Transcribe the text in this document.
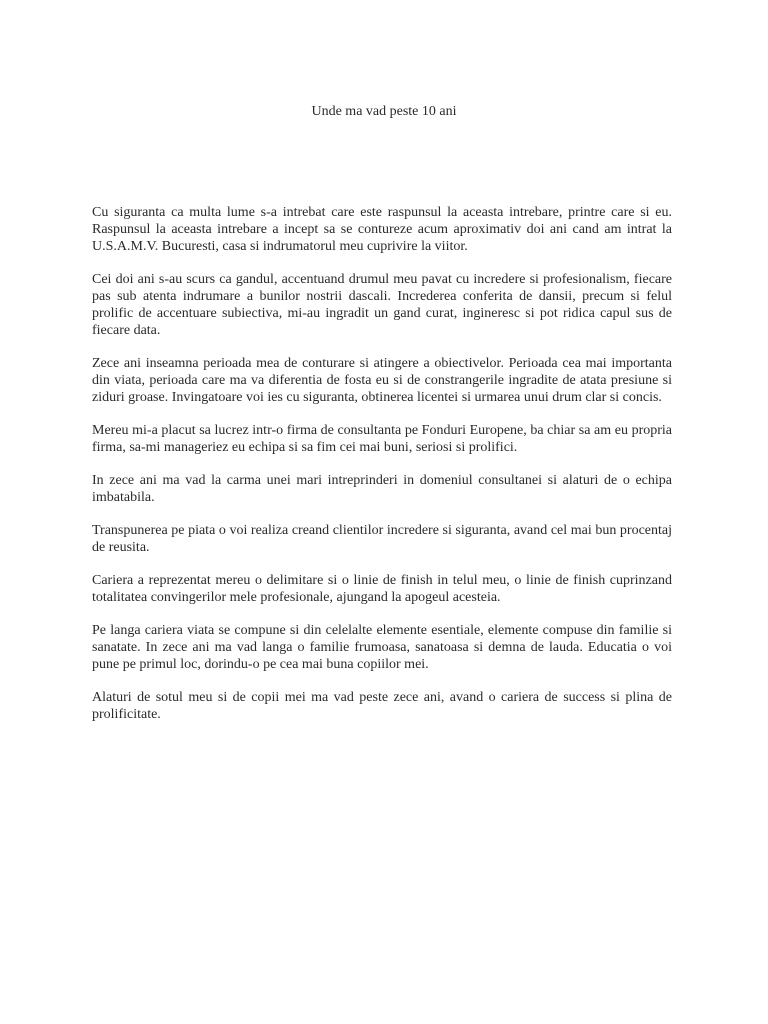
Unde ma vad peste 10 ani

Cu siguranta ca multa lume s-a intrebat care este raspunsul la aceasta intrebare, printre care si eu. Raspunsul la aceasta intrebare a incept sa se contureze acum aproximativ doi ani cand am intrat la U.S.A.M.V. Bucuresti, casa si indrumatorul meu cuprivire la viitor.

Cei doi ani s-au scurs ca gandul, accentuand drumul meu pavat cu incredere si profesionalism, fiecare pas sub atenta indrumare a bunilor nostrii dascali. Increderea conferita de dansii, precum si felul prolific de accentuare subiectiva, mi-au ingradit un gand curat, ingineresc si pot ridica capul sus de fiecare data.

Zece ani inseamna perioada mea de conturare si atingere a obiectivelor. Perioada cea mai importanta din viata, perioada care ma va diferentia de fosta eu si de constrangerile ingradite de atata presiune si ziduri groase. Invingatoare voi ies cu siguranta, obtinerea licentei si urmarea unui drum clar si concis.

Mereu mi-a placut sa lucrez intr-o firma de consultanta pe Fonduri Europene, ba chiar sa am eu propria firma, sa-mi manageriez eu echipa si sa fim cei mai buni, seriosi si prolifici.

In zece ani ma vad la carma unei mari intreprinderi in domeniul consultanei si alaturi de o echipa imbatabila.

Transpunerea pe piata o voi realiza creand clientilor incredere si siguranta, avand cel mai bun procentaj de reusita.

Cariera a reprezentat mereu o delimitare si o linie de finish in telul meu, o linie de finish cuprinzand totalitatea convingerilor mele profesionale, ajungand la apogeul acesteia.

Pe langa cariera viata se compune si din celelalte elemente esentiale, elemente compuse din familie si sanatate. In zece ani ma vad langa o familie frumoasa, sanatoasa si demna de lauda. Educatia o voi pune pe primul loc, dorindu-o pe cea mai buna copiilor mei.

Alaturi de sotul meu si de copii mei ma vad peste zece ani, avand o cariera de success si plina de prolificitate.
